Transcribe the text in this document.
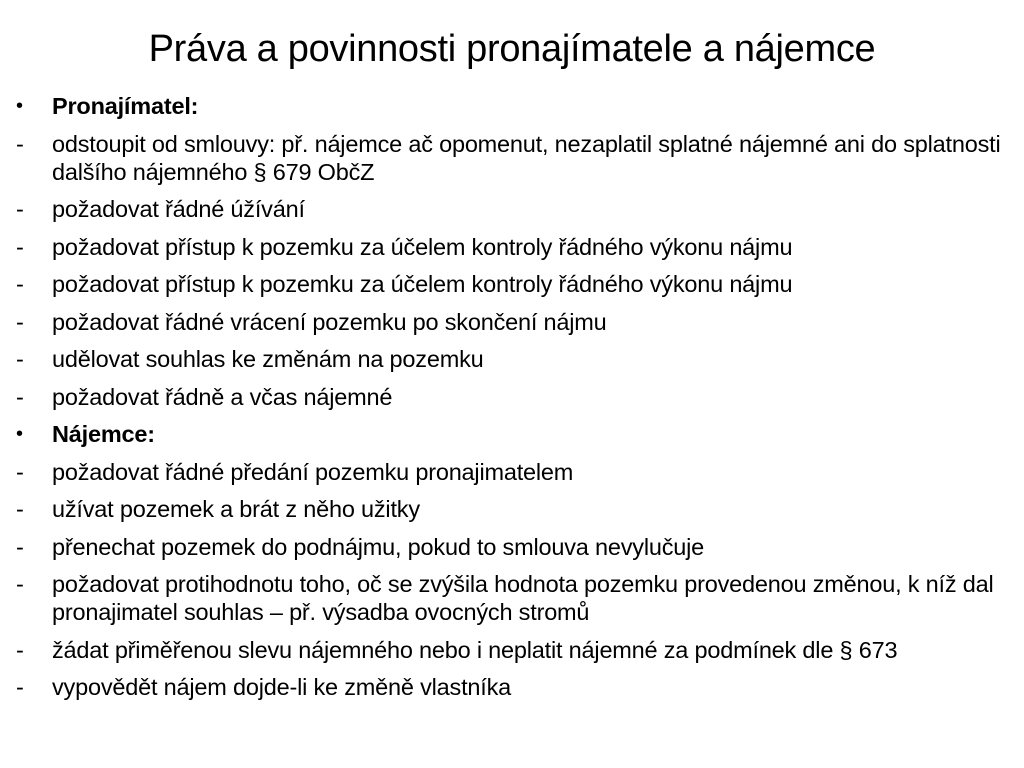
Práva a povinnosti pronajímatele a nájemce
•	Pronajímatel:
-	odstoupit od smlouvy: př. nájemce ač opomenut, nezaplatil splatné nájemné ani do splatnosti dalšího nájemného § 679 ObčZ
-	požadovat řádné úžívání
-	požadovat přístup k pozemku za účelem kontroly řádného výkonu nájmu
-	požadovat přístup k pozemku za účelem kontroly řádného výkonu nájmu
-	požadovat řádné vrácení pozemku po skončení nájmu
-	udělovat souhlas ke změnám na pozemku
-	požadovat řádně a včas nájemné
•	Nájemce:
-	požadovat řádné předání pozemku pronajimatelem
-	užívat pozemek a brát z něho užitky
-	přenechat pozemek do podnájmu, pokud to smlouva nevylučuje
-	požadovat protihodnotu toho, oč se zvýšila hodnota pozemku provedenou změnou, k níž dal pronajimatel souhlas – př. výsadba ovocných stromů
-	žádat přiměřenou slevu nájemného nebo i neplatit nájemné za podmínek dle § 673
-	vypovědět nájem dojde-li ke změně vlastníka
